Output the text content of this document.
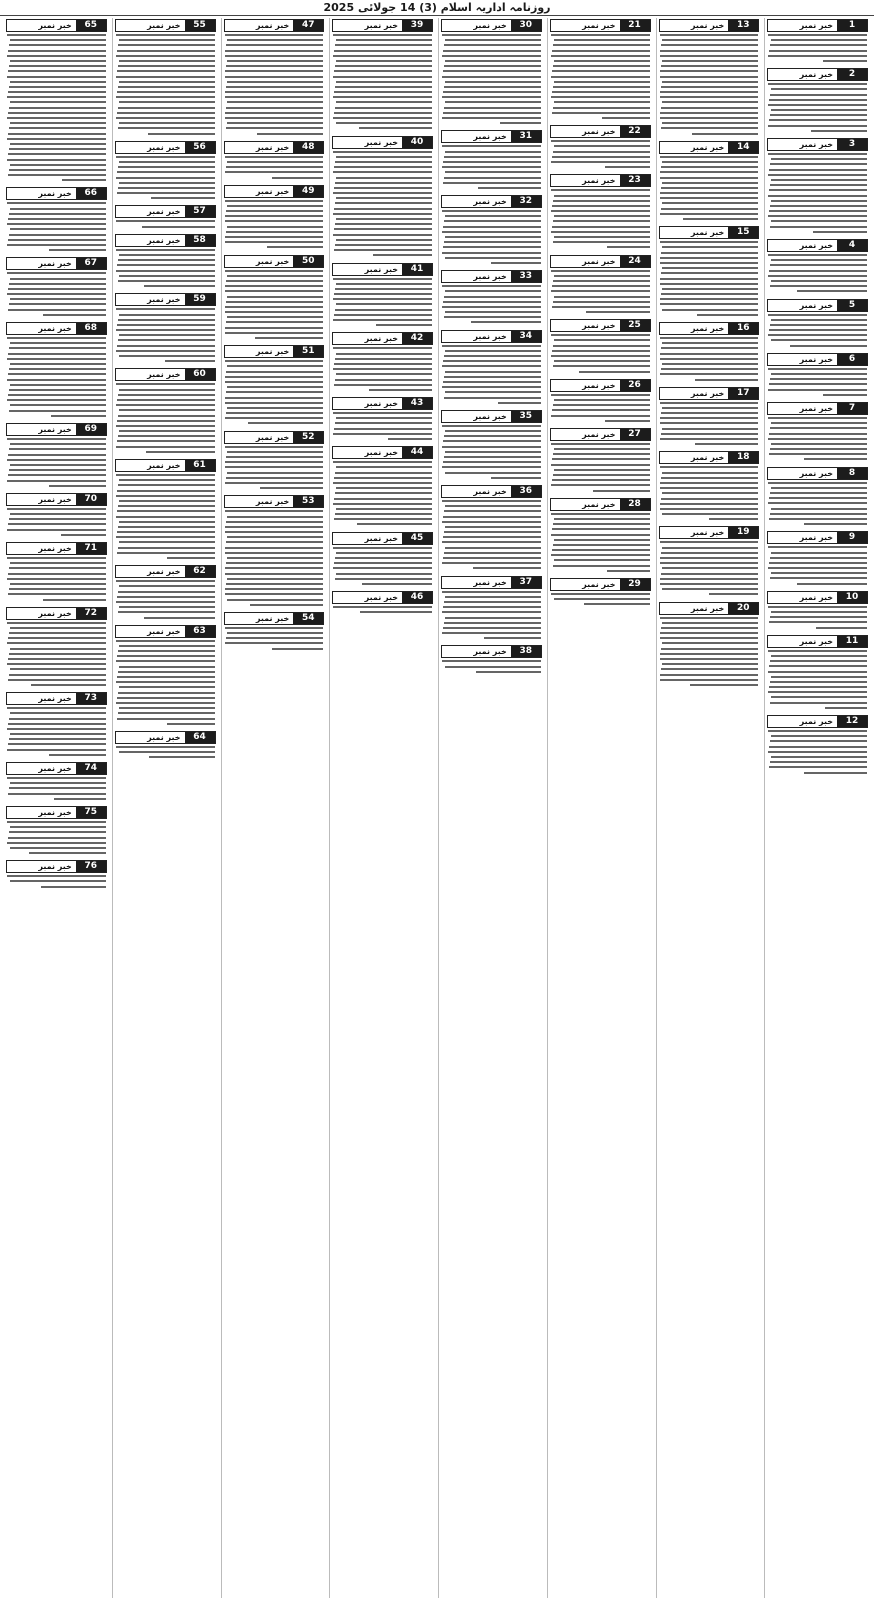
روزنامہ اداریہ اسلام (3) 14 جولائی 2025
1
خبر نمبر
2
خبر نمبر
3
خبر نمبر
4
خبر نمبر
5
خبر نمبر
6
خبر نمبر
7
خبر نمبر
8
خبر نمبر
9
خبر نمبر
10
خبر نمبر
11
خبر نمبر
12
خبر نمبر
13
خبر نمبر
14
خبر نمبر
15
خبر نمبر
16
خبر نمبر
17
خبر نمبر
18
خبر نمبر
19
خبر نمبر
20
خبر نمبر
21
خبر نمبر
22
خبر نمبر
23
خبر نمبر
24
خبر نمبر
25
خبر نمبر
26
خبر نمبر
27
خبر نمبر
28
خبر نمبر
29
خبر نمبر
30
خبر نمبر
31
خبر نمبر
32
خبر نمبر
33
خبر نمبر
34
خبر نمبر
35
خبر نمبر
36
خبر نمبر
37
خبر نمبر
38
خبر نمبر
39
خبر نمبر
40
خبر نمبر
41
خبر نمبر
42
خبر نمبر
43
خبر نمبر
44
خبر نمبر
45
خبر نمبر
46
خبر نمبر
47
خبر نمبر
48
خبر نمبر
49
خبر نمبر
50
خبر نمبر
51
خبر نمبر
52
خبر نمبر
53
خبر نمبر
54
خبر نمبر
55
خبر نمبر
56
خبر نمبر
57
خبر نمبر
58
خبر نمبر
59
خبر نمبر
60
خبر نمبر
61
خبر نمبر
62
خبر نمبر
63
خبر نمبر
64
خبر نمبر
65
خبر نمبر
66
خبر نمبر
67
خبر نمبر
68
خبر نمبر
69
خبر نمبر
70
خبر نمبر
71
خبر نمبر
72
خبر نمبر
73
خبر نمبر
74
خبر نمبر
75
خبر نمبر
76
خبر نمبر
